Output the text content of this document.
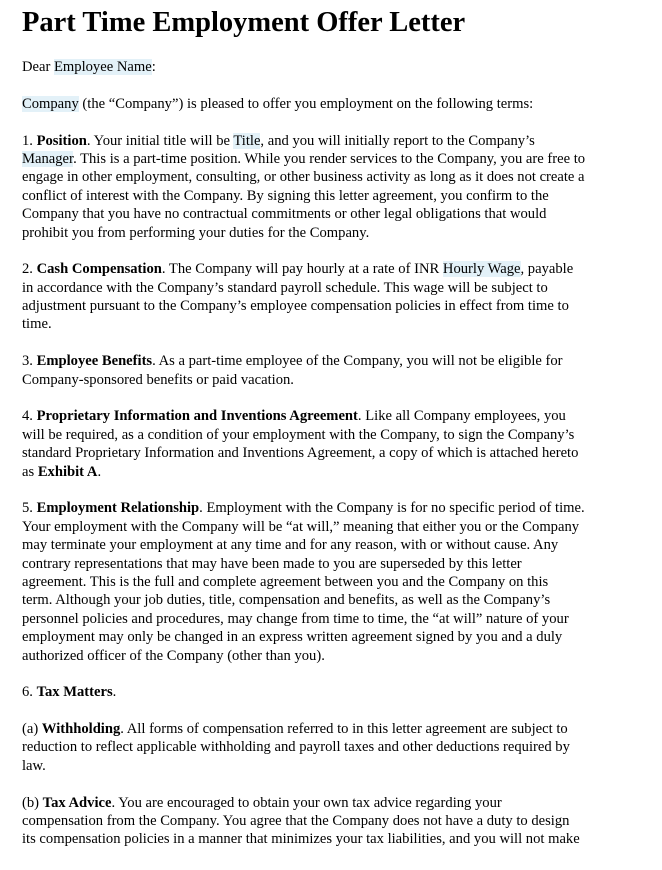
Part Time Employment Offer Letter
Dear Employee Name:
Company (the “Company”) is pleased to offer you employment on the following terms:
1. Position. Your initial title will be Title, and you will initially report to the Company’s
Manager. This is a part-time position. While you render services to the Company, you are free to
engage in other employment, consulting, or other business activity as long as it does not create a
conflict of interest with the Company. By signing this letter agreement, you confirm to the
Company that you have no contractual commitments or other legal obligations that would
prohibit you from performing your duties for the Company.
2. Cash Compensation. The Company will pay hourly at a rate of INR Hourly Wage, payable
in accordance with the Company’s standard payroll schedule. This wage will be subject to
adjustment pursuant to the Company’s employee compensation policies in effect from time to
time.
3. Employee Benefits. As a part-time employee of the Company, you will not be eligible for
Company-sponsored benefits or paid vacation.
4. Proprietary Information and Inventions Agreement. Like all Company employees, you
will be required, as a condition of your employment with the Company, to sign the Company’s
standard Proprietary Information and Inventions Agreement, a copy of which is attached hereto
as Exhibit A.
5. Employment Relationship. Employment with the Company is for no specific period of time.
Your employment with the Company will be “at will,” meaning that either you or the Company
may terminate your employment at any time and for any reason, with or without cause. Any
contrary representations that may have been made to you are superseded by this letter
agreement. This is the full and complete agreement between you and the Company on this
term. Although your job duties, title, compensation and benefits, as well as the Company’s
personnel policies and procedures, may change from time to time, the “at will” nature of your
employment may only be changed in an express written agreement signed by you and a duly
authorized officer of the Company (other than you).
6. Tax Matters.
(a) Withholding. All forms of compensation referred to in this letter agreement are subject to
reduction to reflect applicable withholding and payroll taxes and other deductions required by
law.
(b) Tax Advice. You are encouraged to obtain your own tax advice regarding your
compensation from the Company. You agree that the Company does not have a duty to design
its compensation policies in a manner that minimizes your tax liabilities, and you will not make
